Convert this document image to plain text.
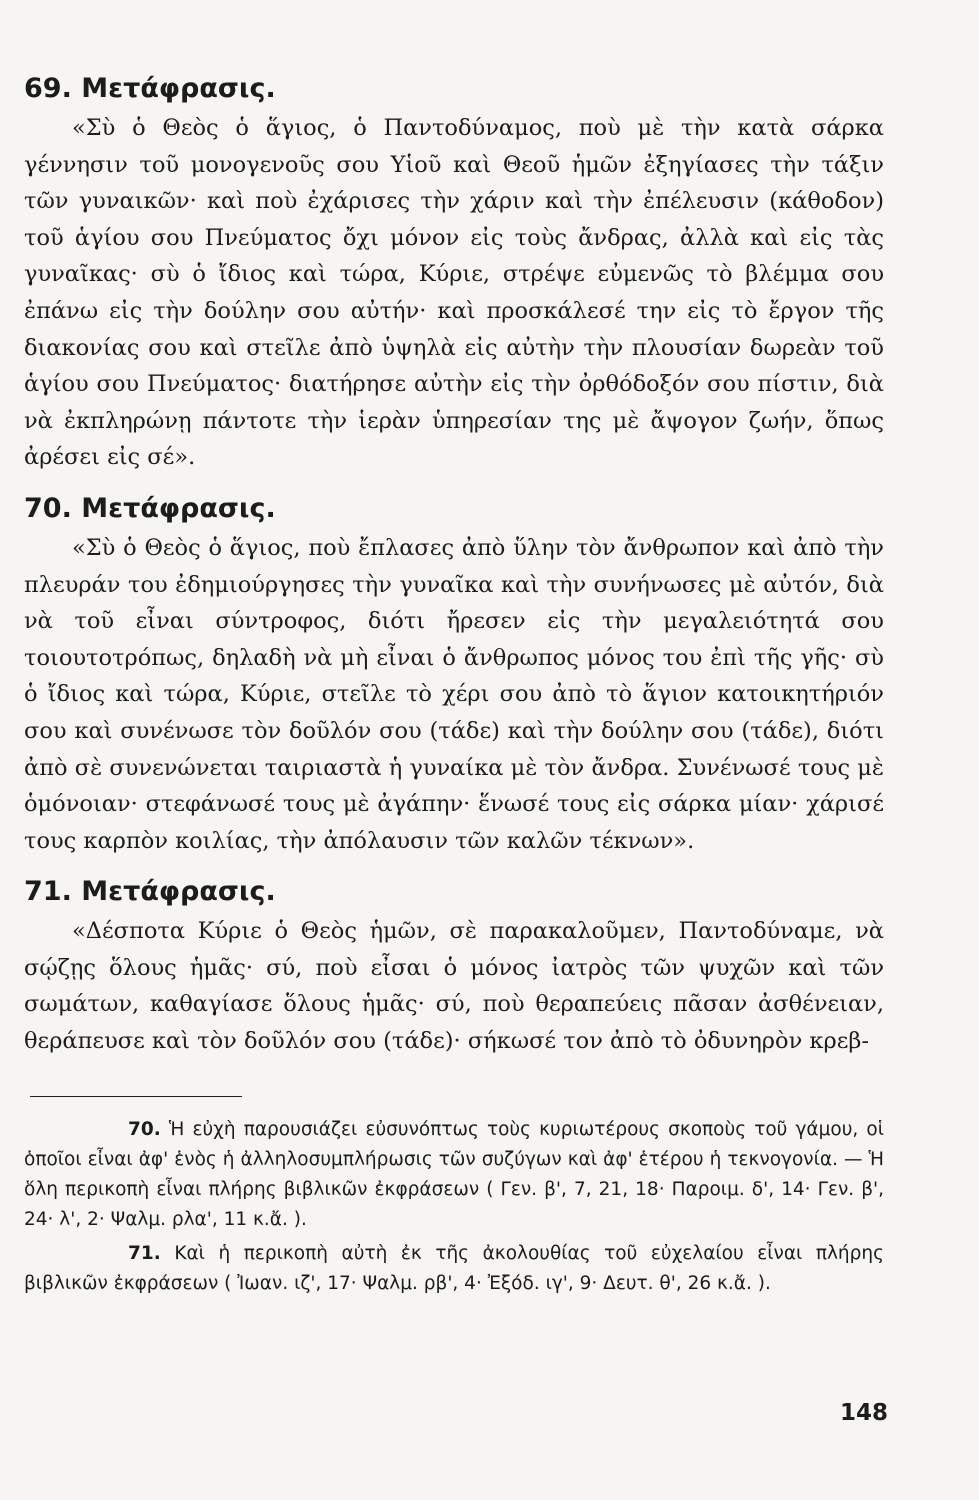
69. Μετάφρασις.

«Σὺ ὁ Θεὸς ὁ ἅγιος, ὁ Παντοδύναμος, ποὺ μὲ τὴν κατὰ σάρκα γέννησιν τοῦ μονογενοῦς σου Υἱοῦ καὶ Θεοῦ ἡμῶν ἐξηγίασες τὴν τάξιν τῶν γυναικῶν· καὶ ποὺ ἐχάρισες τὴν χάριν καὶ τὴν ἐπέλευσιν (κάθοδον) τοῦ ἁγίου σου Πνεύματος ὄχι μόνον εἰς τοὺς ἄνδρας, ἀλλὰ καὶ εἰς τὰς γυναῖκας· σὺ ὁ ἴδιος καὶ τώρα, Κύριε, στρέψε εὐμενῶς τὸ βλέμμα σου ἐπάνω εἰς τὴν δούλην σου αὐτήν· καὶ προσκάλεσέ την εἰς τὸ ἔργον τῆς διακονίας σου καὶ στεῖλε ἀπὸ ὑψηλὰ εἰς αὐτὴν τὴν πλουσίαν δωρεὰν τοῦ ἁγίου σου Πνεύματος· διατήρησε αὐτὴν εἰς τὴν ὀρθόδοξόν σου πίστιν, διὰ νὰ ἐκπληρώνῃ πάντοτε τὴν ἱερὰν ὑπηρεσίαν της μὲ ἄψογον ζωήν, ὅπως ἀρέσει εἰς σέ».

70. Μετάφρασις.

«Σὺ ὁ Θεὸς ὁ ἅγιος, ποὺ ἔπλασες ἀπὸ ὕλην τὸν ἄνθρωπον καὶ ἀπὸ τὴν πλευράν του ἐδημιούργησες τὴν γυναῖκα καὶ τὴν συνήνωσες μὲ αὐτόν, διὰ νὰ τοῦ εἶναι σύντροφος, διότι ἤρεσεν εἰς τὴν μεγαλειότητά σου τοιουτοτρόπως, δηλαδὴ νὰ μὴ εἶναι ὁ ἄνθρωπος μόνος του ἐπὶ τῆς γῆς· σὺ ὁ ἴδιος καὶ τώρα, Κύριε, στεῖλε τὸ χέρι σου ἀπὸ τὸ ἅγιον κατοικητήριόν σου καὶ συνένωσε τὸν δοῦλόν σου (τάδε) καὶ τὴν δούλην σου (τάδε), διότι ἀπὸ σὲ συνενώνεται ταιριαστὰ ἡ γυναίκα μὲ τὸν ἄνδρα. Συνένωσέ τους μὲ ὁμόνοιαν· στεφάνωσέ τους μὲ ἀγάπην· ἕνωσέ τους εἰς σάρκα μίαν· χάρισέ τους καρπὸν κοιλίας, τὴν ἀπόλαυσιν τῶν καλῶν τέκνων».

71. Μετάφρασις.

«Δέσποτα Κύριε ὁ Θεὸς ἡμῶν, σὲ παρακαλοῦμεν, Παντοδύναμε, νὰ σῴζῃς ὅλους ἡμᾶς· σύ, ποὺ εἶσαι ὁ μόνος ἰατρὸς τῶν ψυχῶν καὶ τῶν σωμάτων, καθαγίασε ὅλους ἡμᾶς· σύ, ποὺ θεραπεύεις πᾶσαν ἀσθένειαν, θεράπευσε καὶ τὸν δοῦλόν σου (τάδε)· σήκωσέ τον ἀπὸ τὸ ὀδυνηρὸν κρεβ-

70. Ἡ εὐχὴ παρουσιάζει εὐσυνόπτως τοὺς κυριωτέρους σκοποὺς τοῦ γάμου, οἱ ὁποῖοι εἶναι ἀφ' ἑνὸς ἡ ἀλληλοσυμπλήρωσις τῶν συζύγων καὶ ἀφ' ἑτέρου ἡ τεκνογονία. — Ἡ ὅλη περικοπὴ εἶναι πλήρης βιβλικῶν ἐκφράσεων ( Γεν. β', 7, 21, 18· Παροιμ. δ', 14· Γεν. β', 24· λ', 2· Ψαλμ. ρλα', 11 κ.ἄ. ).

71. Καὶ ἡ περικοπὴ αὐτὴ ἐκ τῆς ἀκολουθίας τοῦ εὐχελαίου εἶναι πλήρης βιβλικῶν ἐκφράσεων ( Ἰωαν. ιζ', 17· Ψαλμ. ρβ', 4· Ἐξόδ. ιγ', 9· Δευτ. θ', 26 κ.ἄ. ).

148
